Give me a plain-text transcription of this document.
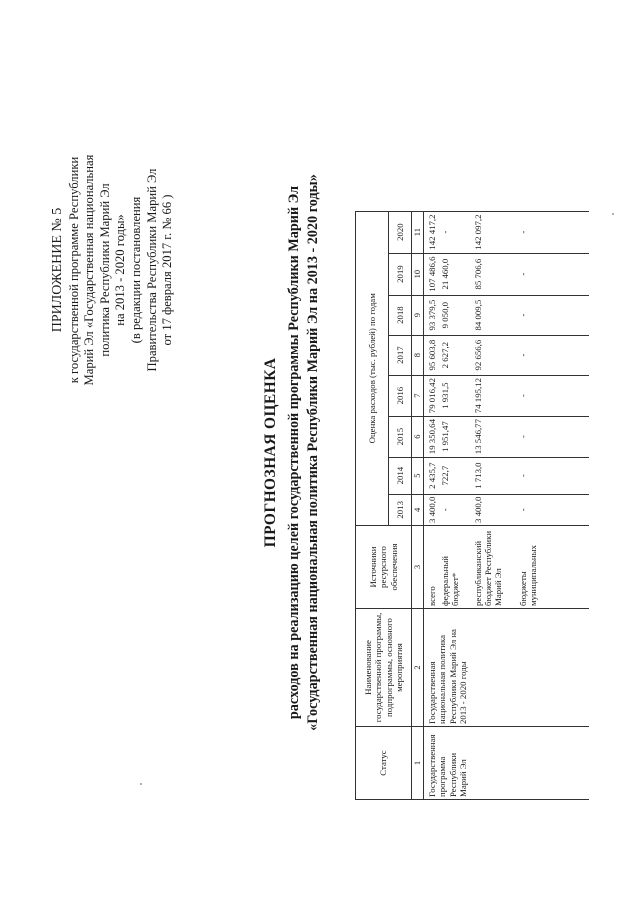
ПРИЛОЖЕНИЕ № 5 к государственной программе Республики Марий Эл «Государственная национальная политика Республики Марий Эл на 2013 - 2020 годы» (в редакции постановления Правительства Республики Марий Эл от 17 февраля 2017 г. № 66 )
ПРОГНОЗНАЯ ОЦЕНКА расходов на реализацию целей государственной программы Республики Марий Эл «Государственная национальная политика Республики Марий Эл на 2013 - 2020 годы»
Статус	Наименование государственной программы, подпрограммы, основного мероприятия	Источники ресурсного обеспечения	Оценка расходов (тыс. рублей) по годам							
			2013	2014	2015	2016	2017	2018	2019	2020
1	2	3	4	5	6	7	8	9	10	11
Государственная программа Республики Марий Эл	Государственная национальная политика Республики Марий Эл на 2013 - 2020 годы	всего	3 400,0	2 435,7	19 350,64	79 016,42	95 603,8	93 379,5	107 486,6	142 417,2
		федеральный бюджет*	-	722,7	1 951,47	1 931,5	2 627,2	9 050,0	21 460,0	-
		республиканский бюджет Республики Марий Эл	3 400,0	1 713,0	13 546,77	74 195,12	92 656,6	84 009,5	85 706,6	142 097,2
		бюджеты муниципальных	-	-	-	-	-	-	-	-
